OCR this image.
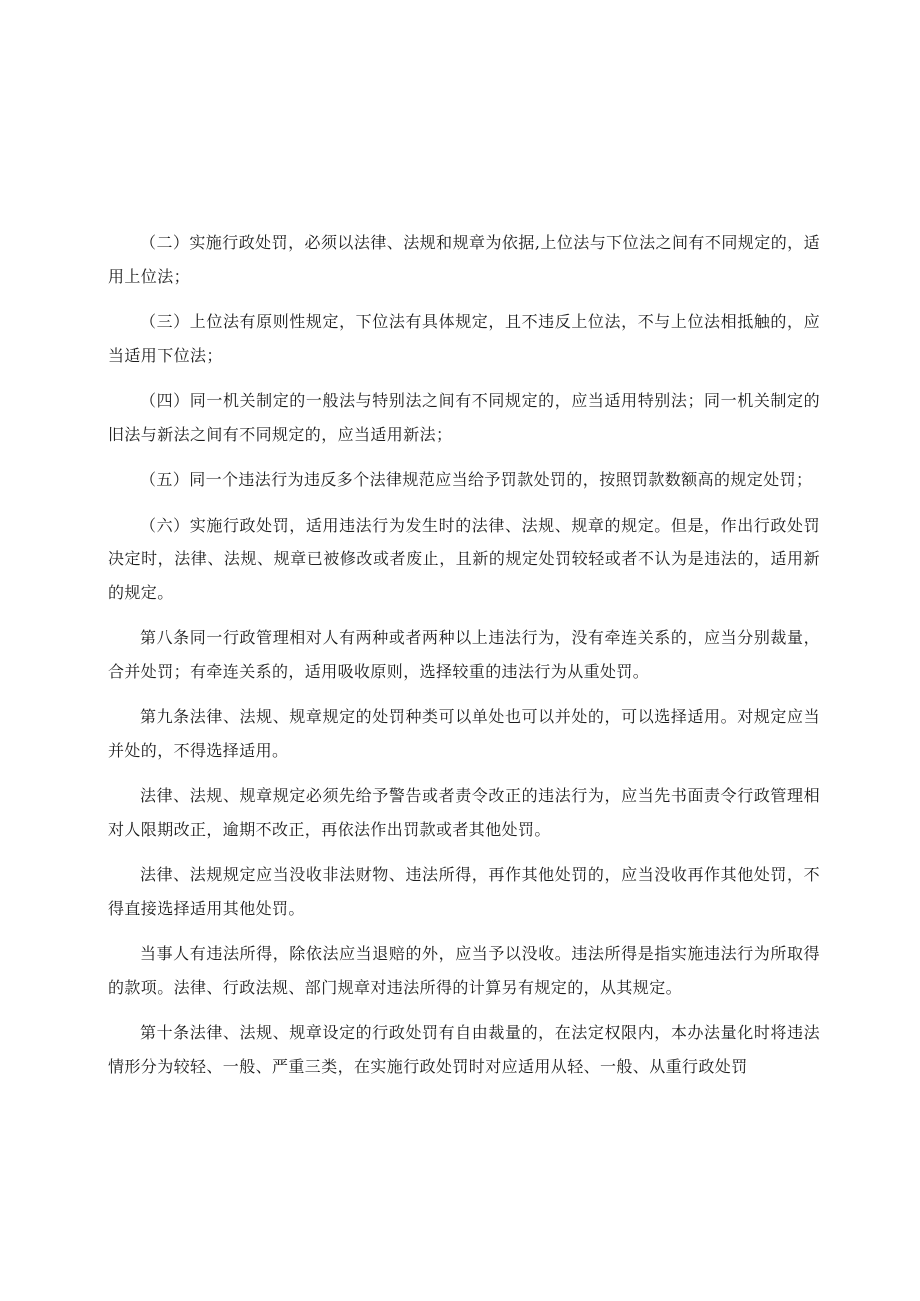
（二）实施行政处罚，必须以法律、法规和规章为依据,上位法与下位法之间有不同规定的，适用上位法；

（三）上位法有原则性规定，下位法有具体规定，且不违反上位法，不与上位法相抵触的，应当适用下位法；

（四）同一机关制定的一般法与特别法之间有不同规定的，应当适用特别法；同一机关制定的旧法与新法之间有不同规定的，应当适用新法；

（五）同一个违法行为违反多个法律规范应当给予罚款处罚的，按照罚款数额高的规定处罚；

（六）实施行政处罚，适用违法行为发生时的法律、法规、规章的规定。但是，作出行政处罚决定时，法律、法规、规章已被修改或者废止，且新的规定处罚较轻或者不认为是违法的，适用新的规定。

第八条同一行政管理相对人有两种或者两种以上违法行为，没有牵连关系的，应当分别裁量，合并处罚；有牵连关系的，适用吸收原则，选择较重的违法行为从重处罚。

第九条法律、法规、规章规定的处罚种类可以单处也可以并处的，可以选择适用。对规定应当并处的，不得选择适用。

法律、法规、规章规定必须先给予警告或者责令改正的违法行为，应当先书面责令行政管理相对人限期改正，逾期不改正，再依法作出罚款或者其他处罚。

法律、法规规定应当没收非法财物、违法所得，再作其他处罚的，应当没收再作其他处罚，不得直接选择适用其他处罚。

当事人有违法所得，除依法应当退赔的外，应当予以没收。违法所得是指实施违法行为所取得的款项。法律、行政法规、部门规章对违法所得的计算另有规定的，从其规定。

第十条法律、法规、规章设定的行政处罚有自由裁量的，在法定权限内，本办法量化时将违法情形分为较轻、一般、严重三类，在实施行政处罚时对应适用从轻、一般、从重行政处罚
